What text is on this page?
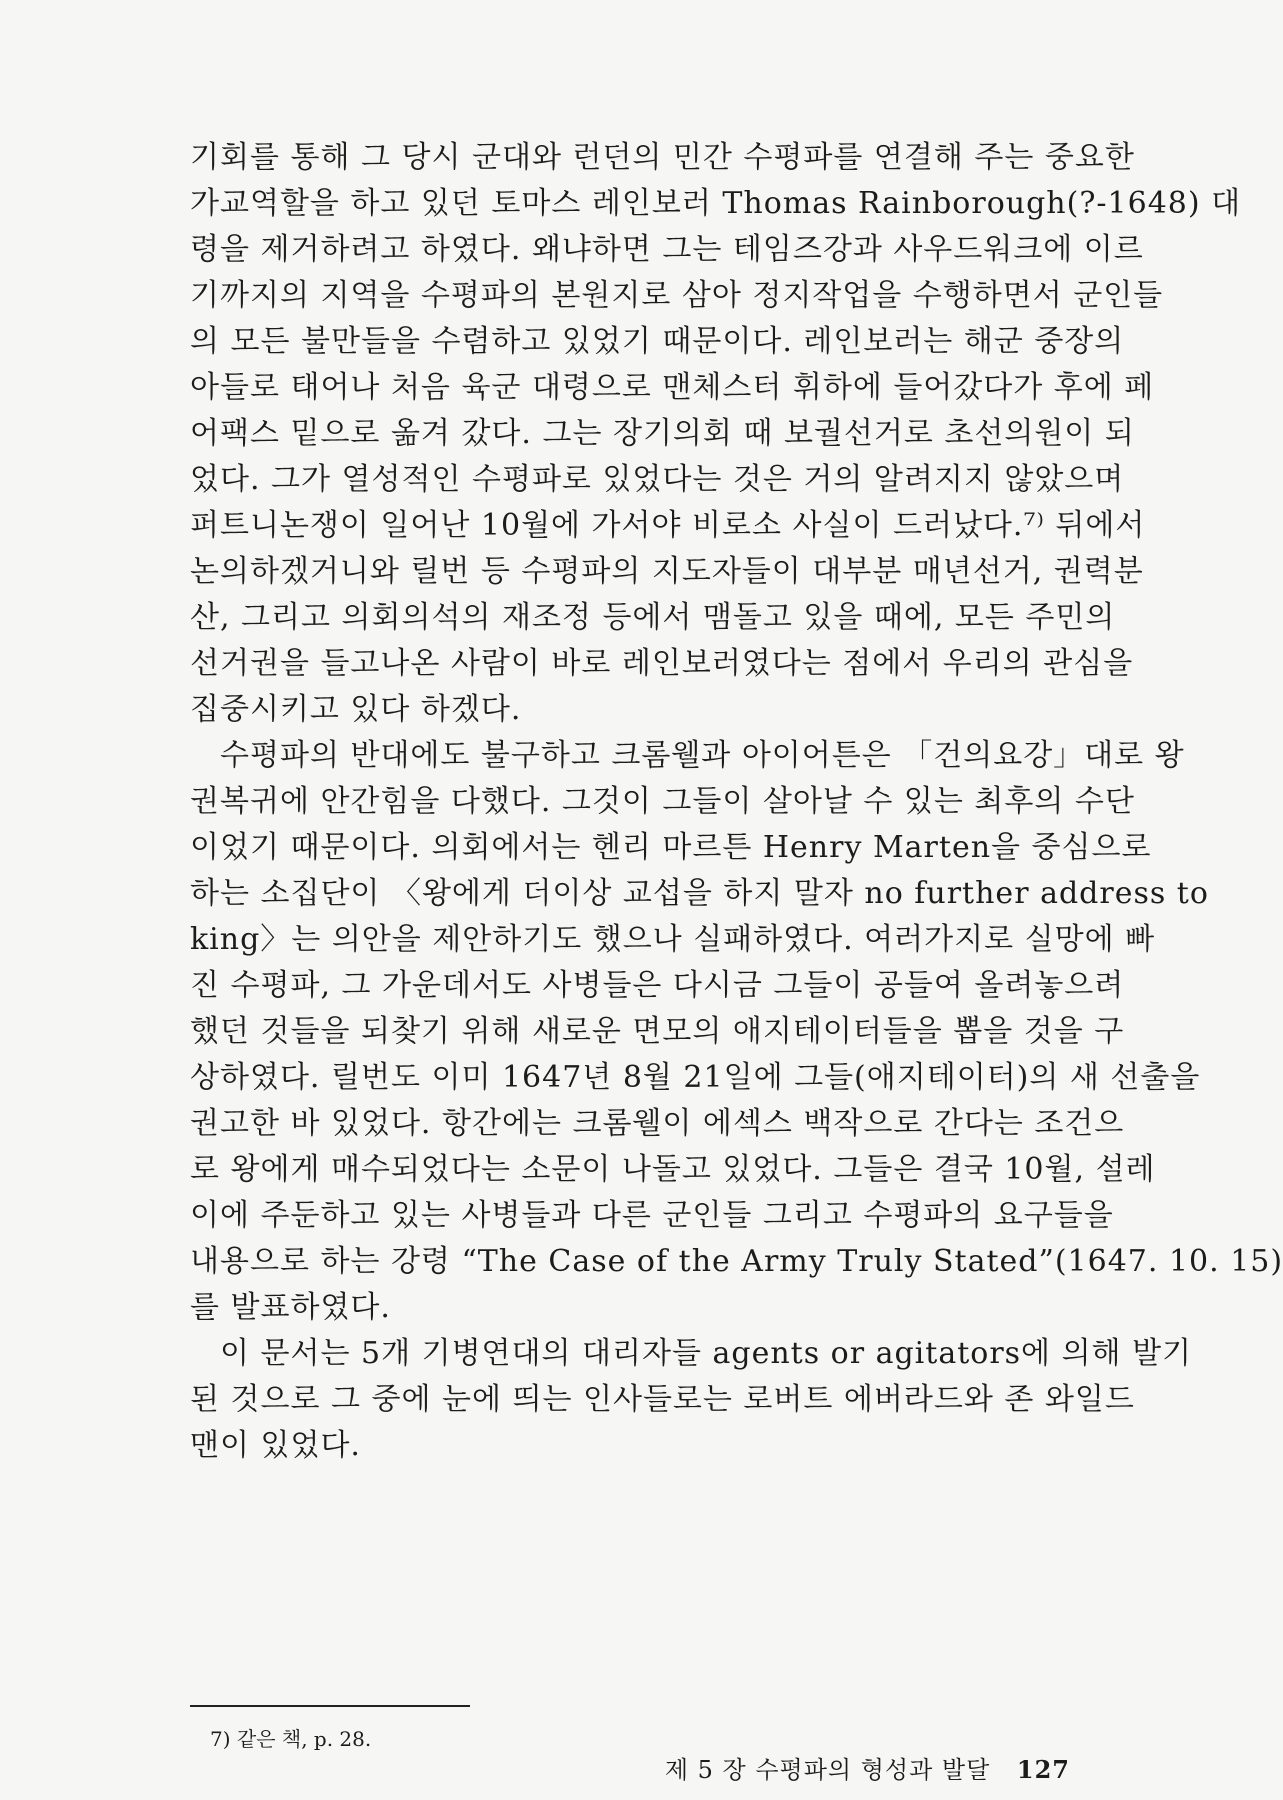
기회를 통해 그 당시 군대와 런던의 민간 수평파를 연결해 주는 중요한
가교역할을 하고 있던 토마스 레인보러 Thomas Rainborough(?-1648) 대
령을 제거하려고 하였다. 왜냐하면 그는 테임즈강과 사우드워크에 이르
기까지의 지역을 수평파의 본원지로 삼아 정지작업을 수행하면서 군인들
의 모든 불만들을 수렴하고 있었기 때문이다. 레인보러는 해군 중장의
아들로 태어나 처음 육군 대령으로 맨체스터 휘하에 들어갔다가 후에 페
어팩스 밑으로 옮겨 갔다. 그는 장기의회 때 보궐선거로 초선의원이 되
었다. 그가 열성적인 수평파로 있었다는 것은 거의 알려지지 않았으며
퍼트니논쟁이 일어난 10월에 가서야 비로소 사실이 드러났다.⁷⁾ 뒤에서
논의하겠거니와 릴번 등 수평파의 지도자들이 대부분 매년선거, 권력분
산, 그리고 의회의석의 재조정 등에서 맴돌고 있을 때에, 모든 주민의
선거권을 들고나온 사람이 바로 레인보러였다는 점에서 우리의 관심을
집중시키고 있다 하겠다.
수평파의 반대에도 불구하고 크롬웰과 아이어튼은 「건의요강」대로 왕
권복귀에 안간힘을 다했다. 그것이 그들이 살아날 수 있는 최후의 수단
이었기 때문이다. 의회에서는 헨리 마르튼 Henry Marten을 중심으로
하는 소집단이 〈왕에게 더이상 교섭을 하지 말자 no further address to
king〉는 의안을 제안하기도 했으나 실패하였다. 여러가지로 실망에 빠
진 수평파, 그 가운데서도 사병들은 다시금 그들이 공들여 올려놓으려
했던 것들을 되찾기 위해 새로운 면모의 애지테이터들을 뽑을 것을 구
상하였다. 릴번도 이미 1647년 8월 21일에 그들(애지테이터)의 새 선출을
권고한 바 있었다. 항간에는 크롬웰이 에섹스 백작으로 간다는 조건으
로 왕에게 매수되었다는 소문이 나돌고 있었다. 그들은 결국 10월, 설레
이에 주둔하고 있는 사병들과 다른 군인들 그리고 수평파의 요구들을
내용으로 하는 강령 “The Case of the Army Truly Stated”(1647. 10. 15)
를 발표하였다.
이 문서는 5개 기병연대의 대리자들 agents or agitators에 의해 발기
된 것으로 그 중에 눈에 띄는 인사들로는 로버트 에버라드와 존 와일드
맨이 있었다.
7) 같은 책, p. 28.
제 5 장 수평파의 형성과 발달 127
